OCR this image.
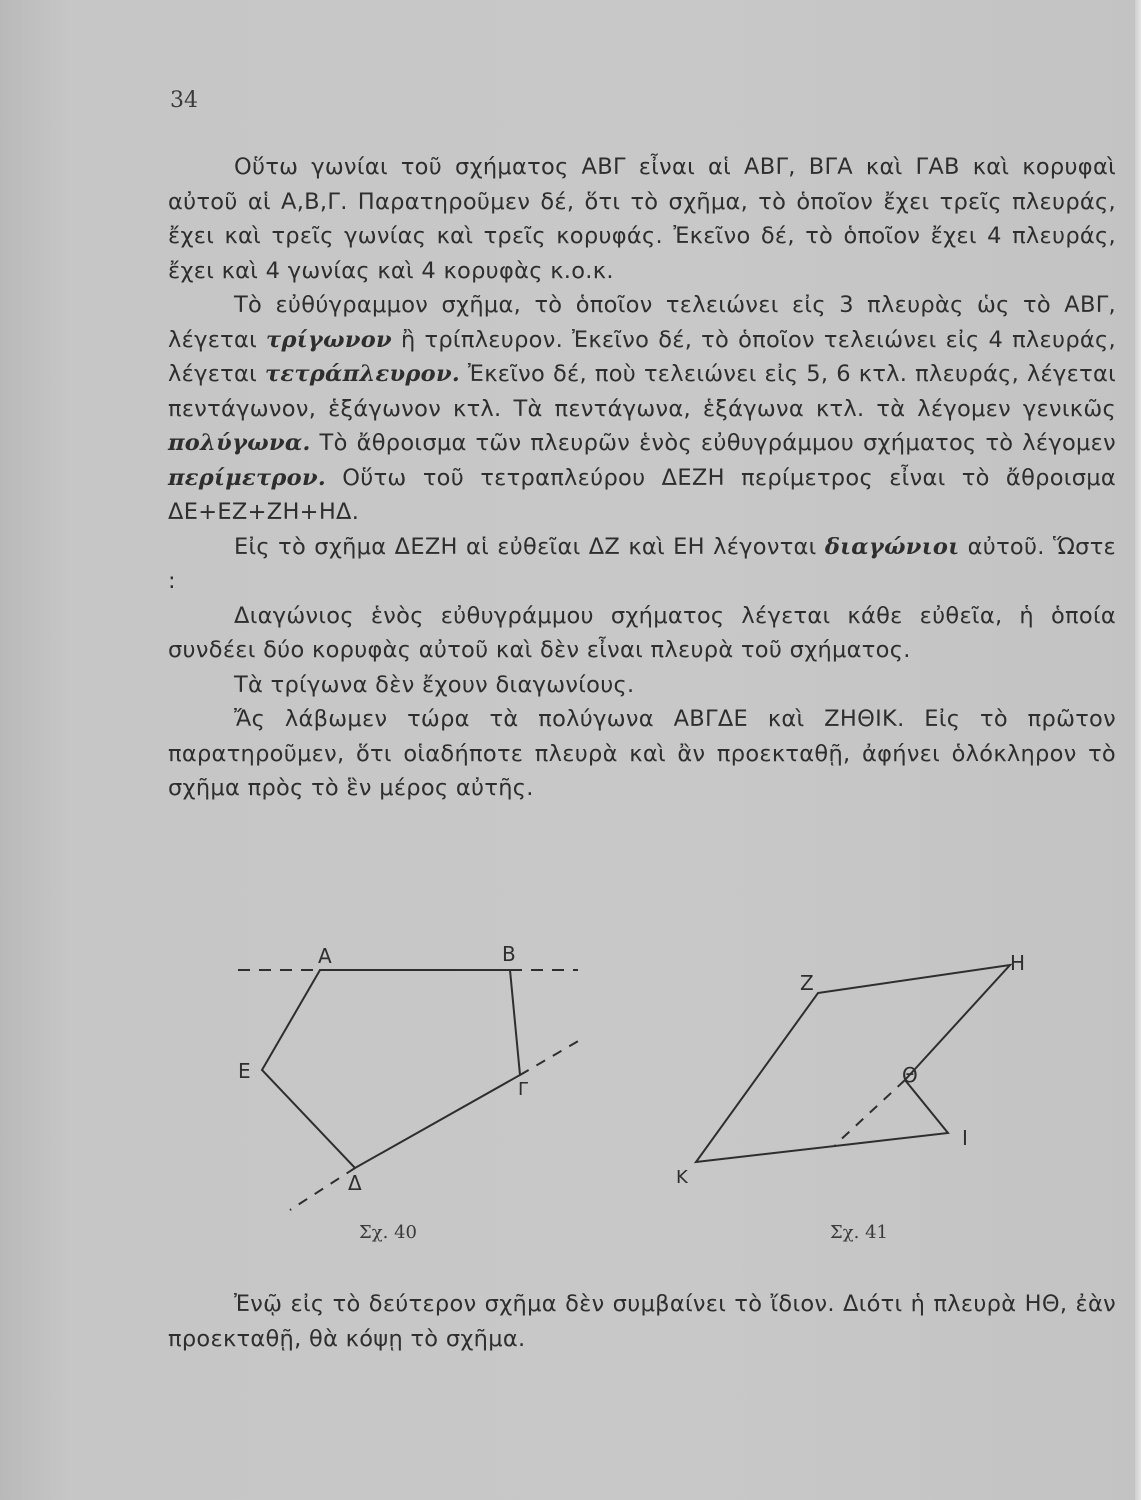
34

Οὕτω γωνίαι τοῦ σχήματος ΑΒΓ εἶναι αἱ ΑΒΓ, ΒΓΑ καὶ ΓΑΒ καὶ κορυφαὶ αὐτοῦ αἱ Α,Β,Γ. Παρατηροῦμεν δέ, ὅτι τὸ σχῆμα, τὸ ὁποῖον ἔχει τρεῖς πλευράς, ἔχει καὶ τρεῖς γωνίας καὶ τρεῖς κορυφάς. Ἐκεῖνο δέ, τὸ ὁποῖον ἔχει 4 πλευράς, ἔχει καὶ 4 γωνίας καὶ 4 κορυφὰς κ.ο.κ.

Τὸ εὐθύγραμμον σχῆμα, τὸ ὁποῖον τελειώνει εἰς 3 πλευρὰς ὡς τὸ ΑΒΓ, λέγεται τρίγωνον ἢ τρίπλευρον. Ἐκεῖνο δέ, τὸ ὁποῖον τελειώνει εἰς 4 πλευράς, λέγεται τετράπλευρον. Ἐκεῖνο δέ, ποὺ τελειώνει εἰς 5, 6 κτλ. πλευράς, λέγεται πεντάγωνον, ἑξάγωνον κτλ. Τὰ πεντάγωνα, ἑξάγωνα κτλ. τὰ λέγομεν γενικῶς πολύγωνα. Τὸ ἄθροισμα τῶν πλευρῶν ἑνὸς εὐθυγράμμου σχήματος τὸ λέγομεν περίμετρον. Οὕτω τοῦ τετραπλεύρου ΔΕΖΗ περίμετρος εἶναι τὸ ἄθροισμα ΔΕ+ΕΖ+ΖΗ+ΗΔ.

Εἰς τὸ σχῆμα ΔΕΖΗ αἱ εὐθεῖαι ΔΖ καὶ ΕΗ λέγονται διαγώνιοι αὐτοῦ. Ὥστε :

Διαγώνιος ἑνὸς εὐθυγράμμου σχήματος λέγεται κάθε εὐθεῖα, ἡ ὁποία συνδέει δύο κορυφὰς αὐτοῦ καὶ δὲν εἶναι πλευρὰ τοῦ σχήματος.

Τὰ τρίγωνα δὲν ἔχουν διαγωνίους.

Ἄς λάβωμεν τώρα τὰ πολύγωνα ΑΒΓΔΕ καὶ ΖΗΘΙΚ. Εἰς τὸ πρῶτον παρατηροῦμεν, ὅτι οἱαδήποτε πλευρὰ καὶ ἂν προεκταθῇ, ἀφήνει ὁλόκληρον τὸ σχῆμα πρὸς τὸ ἓν μέρος αὐτῆς.

Α	Β
Γ
Δ
Ε
Ζ
Η
Θ
Ι
Κ
Σχ. 40	Σχ. 41

Ἐνῷ εἰς τὸ δεύτερον σχῆμα δὲν συμβαίνει τὸ ἴδιον. Διότι ἡ πλευρὰ ΗΘ, ἐὰν προεκταθῇ, θὰ κόψῃ τὸ σχῆμα.
